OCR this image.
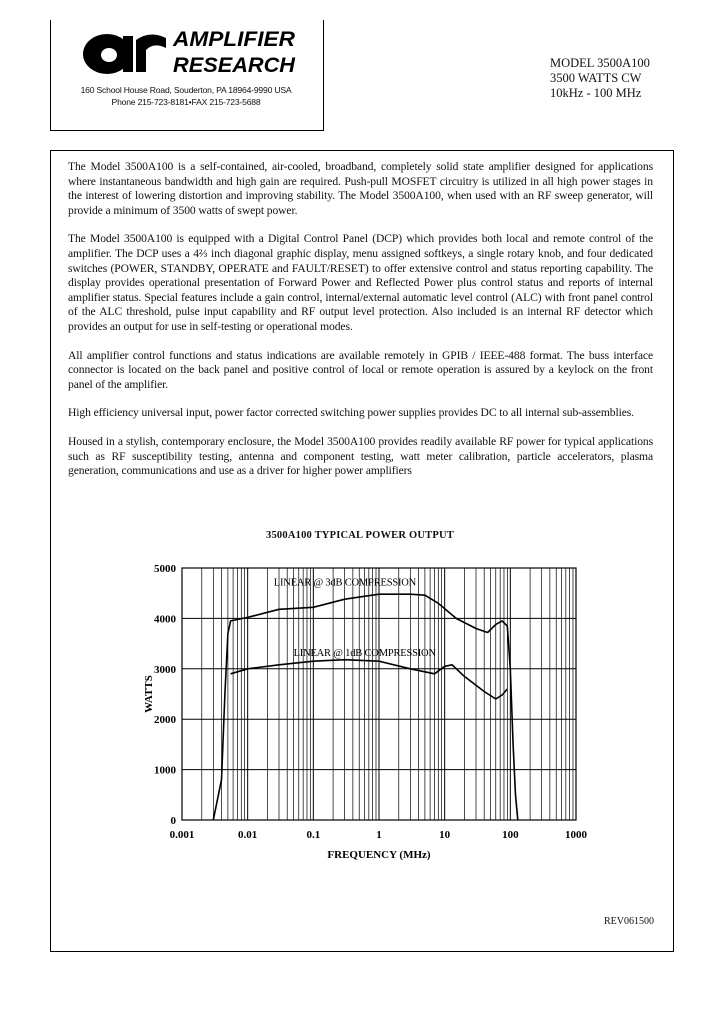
AMPLIFIER
RESEARCH
160 School House Road, Souderton, PA 18964-9990 USA
Phone 215-723-8181•FAX 215-723-5688
MODEL 3500A100
3500 WATTS CW
10kHz - 100 MHz

The Model 3500A100 is a self-contained, air-cooled, broadband, completely solid state amplifier designed for applications where instantaneous bandwidth and high gain are required. Push-pull MOSFET circuitry is utilized in all high power stages in the interest of lowering distortion and improving stability. The Model 3500A100, when used with an RF sweep generator, will provide a minimum of 3500 watts of swept power.

The Model 3500A100 is equipped with a Digital Control Panel (DCP) which provides both local and remote control of the amplifier. The DCP uses a 4⅔ inch diagonal graphic display, menu assigned softkeys, a single rotary knob, and four dedicated switches (POWER, STANDBY, OPERATE and FAULT/RESET) to offer extensive control and status reporting capability. The display provides operational presentation of Forward Power and Reflected Power plus control status and reports of internal amplifier status. Special features include a gain control, internal/external automatic level control (ALC) with front panel control of the ALC threshold, pulse input capability and RF output level protection. Also included is an internal RF detector which provides an output for use in self-testing or operational modes.

All amplifier control functions and status indications are available remotely in GPIB / IEEE-488 format. The buss interface connector is located on the back panel and positive control of local or remote operation is assured by a keylock on the front panel of the amplifier.

High efficiency universal input, power factor corrected switching power supplies provides DC to all internal sub-assemblies.

Housed in a stylish, contemporary enclosure, the Model 3500A100 provides readily available RF power for typical applications such as RF susceptibility testing, antenna and component testing, watt meter calibration, particle accelerators, plasma generation, communications and use as a driver for higher power amplifiers

3500A100 TYPICAL POWER OUTPUT
0
1000
2000
3000
4000
5000
0.001	0.01	0.1	1	10	100	1000
FREQUENCY (MHz)
WATTS
LINEAR @ 3dB COMPRESSION
LINEAR @ 1dB COMPRESSION
REV061500
